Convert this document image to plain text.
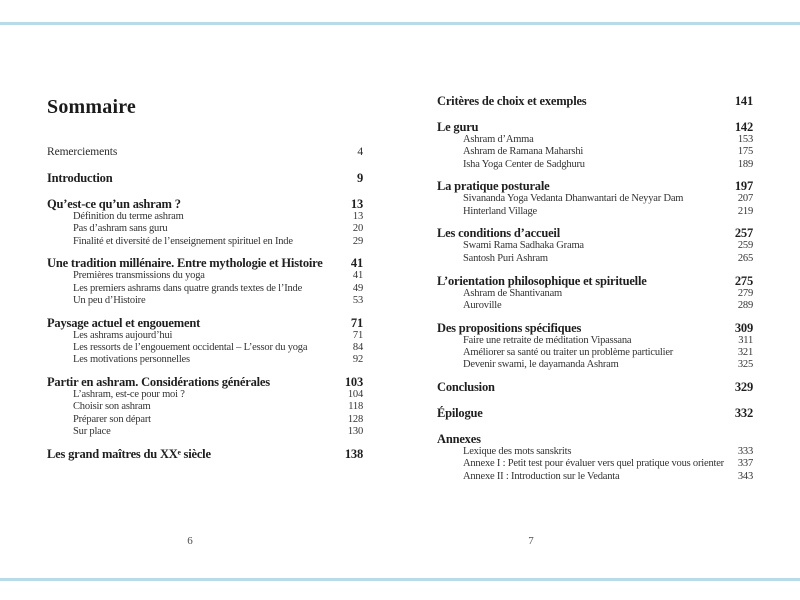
Sommaire
Remerciements	4
Introduction	9
Qu’est-ce qu’un ashram ?	13
Définition du terme ashram	13
Pas d’ashram sans guru	20
Finalité et diversité de l’enseignement spirituel en Inde	29
Une tradition millénaire. Entre mythologie et Histoire 41
Premières transmissions du yoga	41
Les premiers ashrams dans quatre grands textes de l’Inde	49
Un peu d’Histoire	53
Paysage actuel et engouement	71
Les ashrams aujourd’hui	71
Les ressorts de l’engouement occidental – L’essor du yoga	84
Les motivations personnelles	92
Partir en ashram. Considérations générales	103
L’ashram, est-ce pour moi ?	104
Choisir son ashram	118
Préparer son départ	128
Sur place	130
Les grand maîtres du XXᵉ siècle	138
Critères de choix et exemples	141
Le guru	142
Ashram d’Amma	153
Ashram de Ramana Maharshi	175
Isha Yoga Center de Sadghuru	189
La pratique posturale	197
Sivananda Yoga Vedanta Dhanwantari de Neyyar Dam	207
Hinterland Village	219
Les conditions d’accueil	257
Swami Rama Sadhaka Grama	259
Santosh Puri Ashram	265
L’orientation philosophique et spirituelle	275
Ashram de Shantivanam	279
Auroville	289
Des propositions spécifiques	309
Faire une retraite de méditation Vipassana	311
Améliorer sa santé ou traiter un problème particulier	321
Devenir swami, le dayamanda Ashram	325
Conclusion	329
Épilogue	332
Annexes
Lexique des mots sanskrits	333
Annexe I : Petit test pour évaluer vers quel pratique vous orienter 337
Annexe II : Introduction sur le Vedanta	343
6	7
